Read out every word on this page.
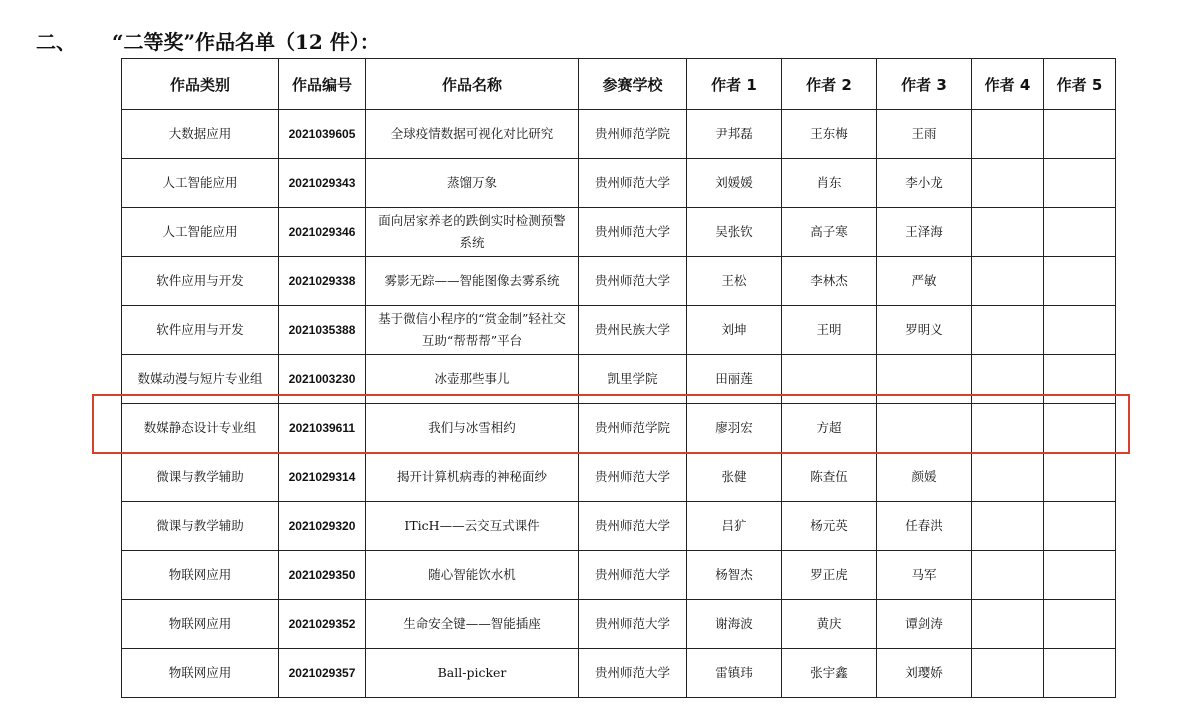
二、 “二等奖”作品名单（12 件）：
作品类别	作品编号	作品名称	参赛学校	作者 1	作者 2	作者 3	作者 4	作者 5
大数据应用	2021039605	全球疫情数据可视化对比研究	贵州师范学院	尹邦磊	王东梅	王雨		
人工智能应用	2021029343	蒸馏万象	贵州师范大学	刘媛媛	肖东	李小龙		
人工智能应用	2021029346	面向居家养老的跌倒实时检测预警系统	贵州师范大学	吴张钦	高子寒	王泽海		
软件应用与开发	2021029338	雾影无踪——智能图像去雾系统	贵州师范大学	王松	李林杰	严敏		
软件应用与开发	2021035388	基于微信小程序的“赏金制”轻社交互助“帮帮帮”平台	贵州民族大学	刘坤	王明	罗明义		
数媒动漫与短片专业组	2021003230	冰壶那些事儿	凯里学院	田丽莲				
数媒静态设计专业组	2021039611	我们与冰雪相约	贵州师范学院	廖羽宏	方超			
微课与教学辅助	2021029314	揭开计算机病毒的神秘面纱	贵州师范大学	张健	陈查伍	颜媛		
微课与教学辅助	2021029320	ITicH——云交互式课件	贵州师范大学	吕犷	杨元英	任春洪		
物联网应用	2021029350	随心智能饮水机	贵州师范大学	杨智杰	罗正虎	马军		
物联网应用	2021029352	生命安全键——智能插座	贵州师范大学	谢海波	黄庆	谭剑涛		
物联网应用	2021029357	Ball-picker	贵州师范大学	雷镇玮	张宇鑫	刘璎娇		
